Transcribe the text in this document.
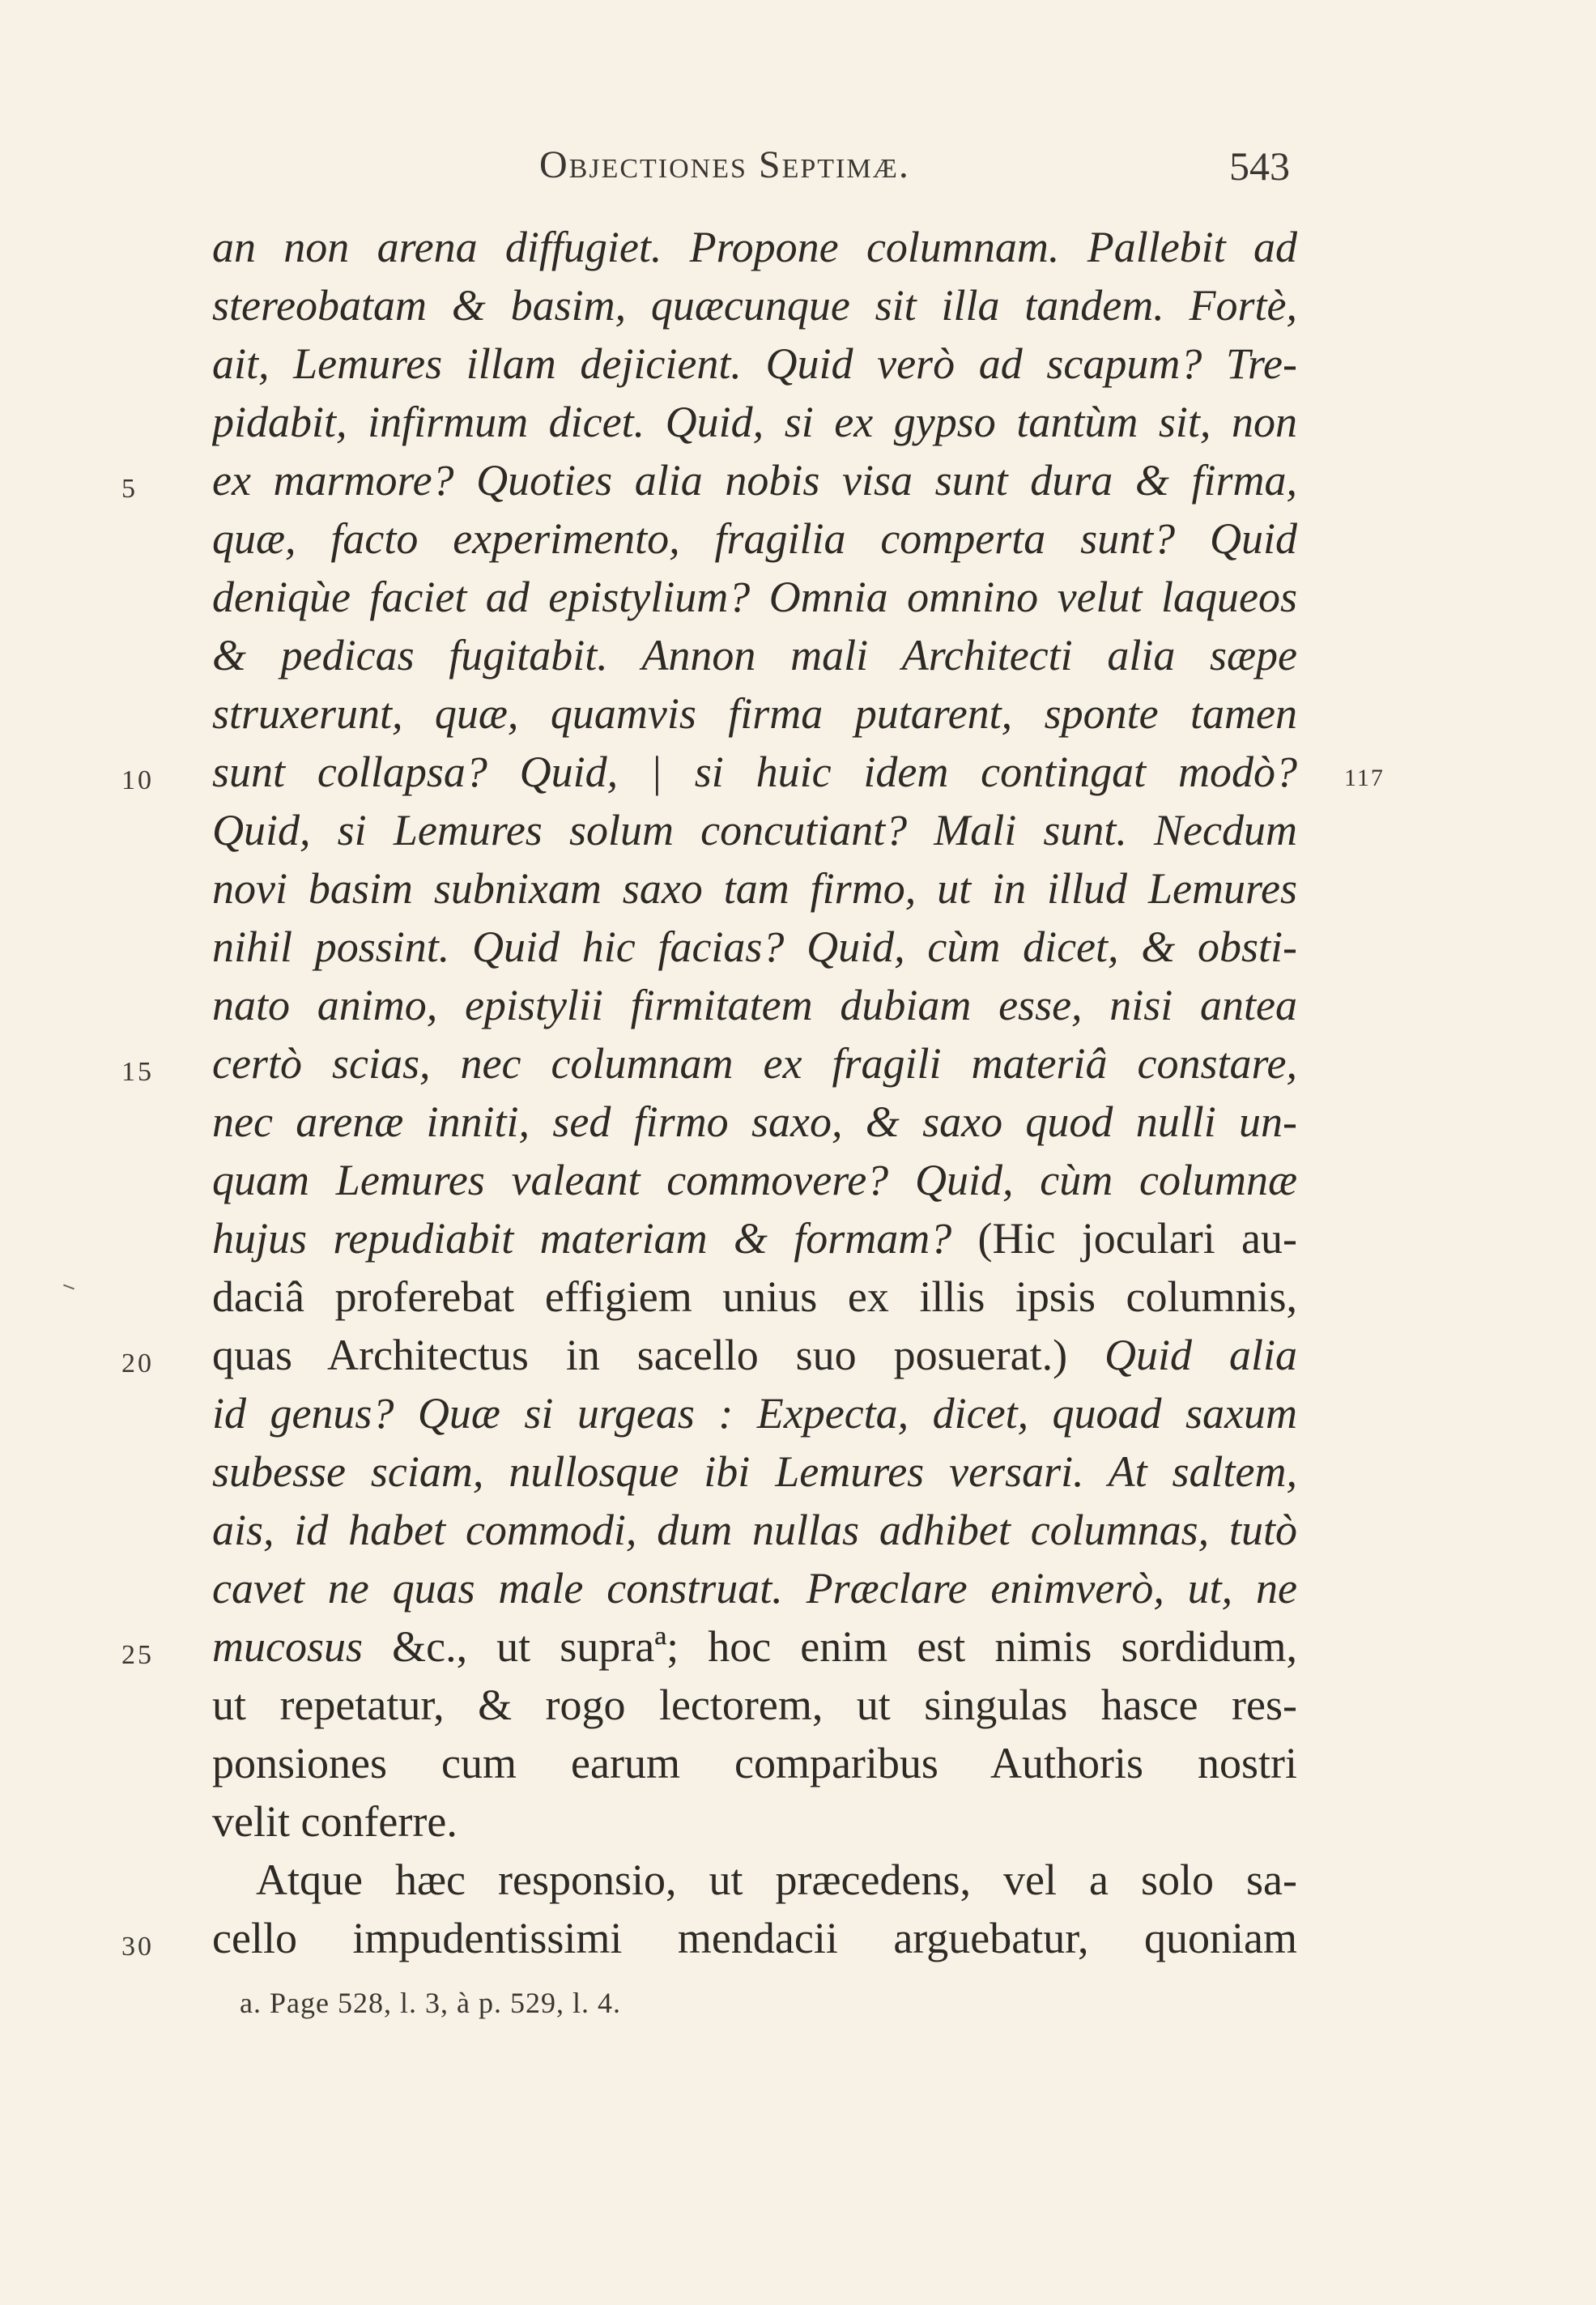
Objectiones Septimæ.	543
an non arena diffugiet. Propone columnam. Pallebit ad
stereobatam & basim, quæcunque sit illa tandem. Fortè,
ait, Lemures illam dejicient. Quid verò ad scapum? Tre-
pidabit, infirmum dicet. Quid, si ex gypso tantùm sit, non
ex marmore? Quoties alia nobis visa sunt dura & firma,
quæ, facto experimento, fragilia comperta sunt? Quid
deniqùe faciet ad epistylium? Omnia omnino velut laqueos
& pedicas fugitabit. Annon mali Architecti alia sæpe
struxerunt, quæ, quamvis firma putarent, sponte tamen
sunt collapsa? Quid, | si huic idem contingat modò?
Quid, si Lemures solum concutiant? Mali sunt. Necdum
novi basim subnixam saxo tam firmo, ut in illud Lemures
nihil possint. Quid hic facias? Quid, cùm dicet, & obsti-
nato animo, epistylii firmitatem dubiam esse, nisi antea
certò scias, nec columnam ex fragili materiâ constare,
nec arenæ inniti, sed firmo saxo, & saxo quod nulli un-
quam Lemures valeant commovere? Quid, cùm columnæ
hujus repudiabit materiam & formam? (Hic joculari au-
daciâ proferebat effigiem unius ex illis ipsis columnis,
quas Architectus in sacello suo posuerat.) Quid alia
id genus? Quæ si urgeas : Expecta, dicet, quoad saxum
subesse sciam, nullosque ibi Lemures versari. At saltem,
ais, id habet commodi, dum nullas adhibet columnas, tutò
cavet ne quas male construat. Præclare enimverò, ut, ne
mucosus &c., ut supraª; hoc enim est nimis sordidum,
ut repetatur, & rogo lectorem, ut singulas hasce res-
ponsiones cum earum comparibus Authoris nostri
velit conferre.
Atque hæc responsio, ut præcedens, vel a solo sa-
cello impudentissimi mendacii arguebatur, quoniam
5
10
15
20
25
30
117
a. Page 528, l. 3, à p. 529, l. 4.
